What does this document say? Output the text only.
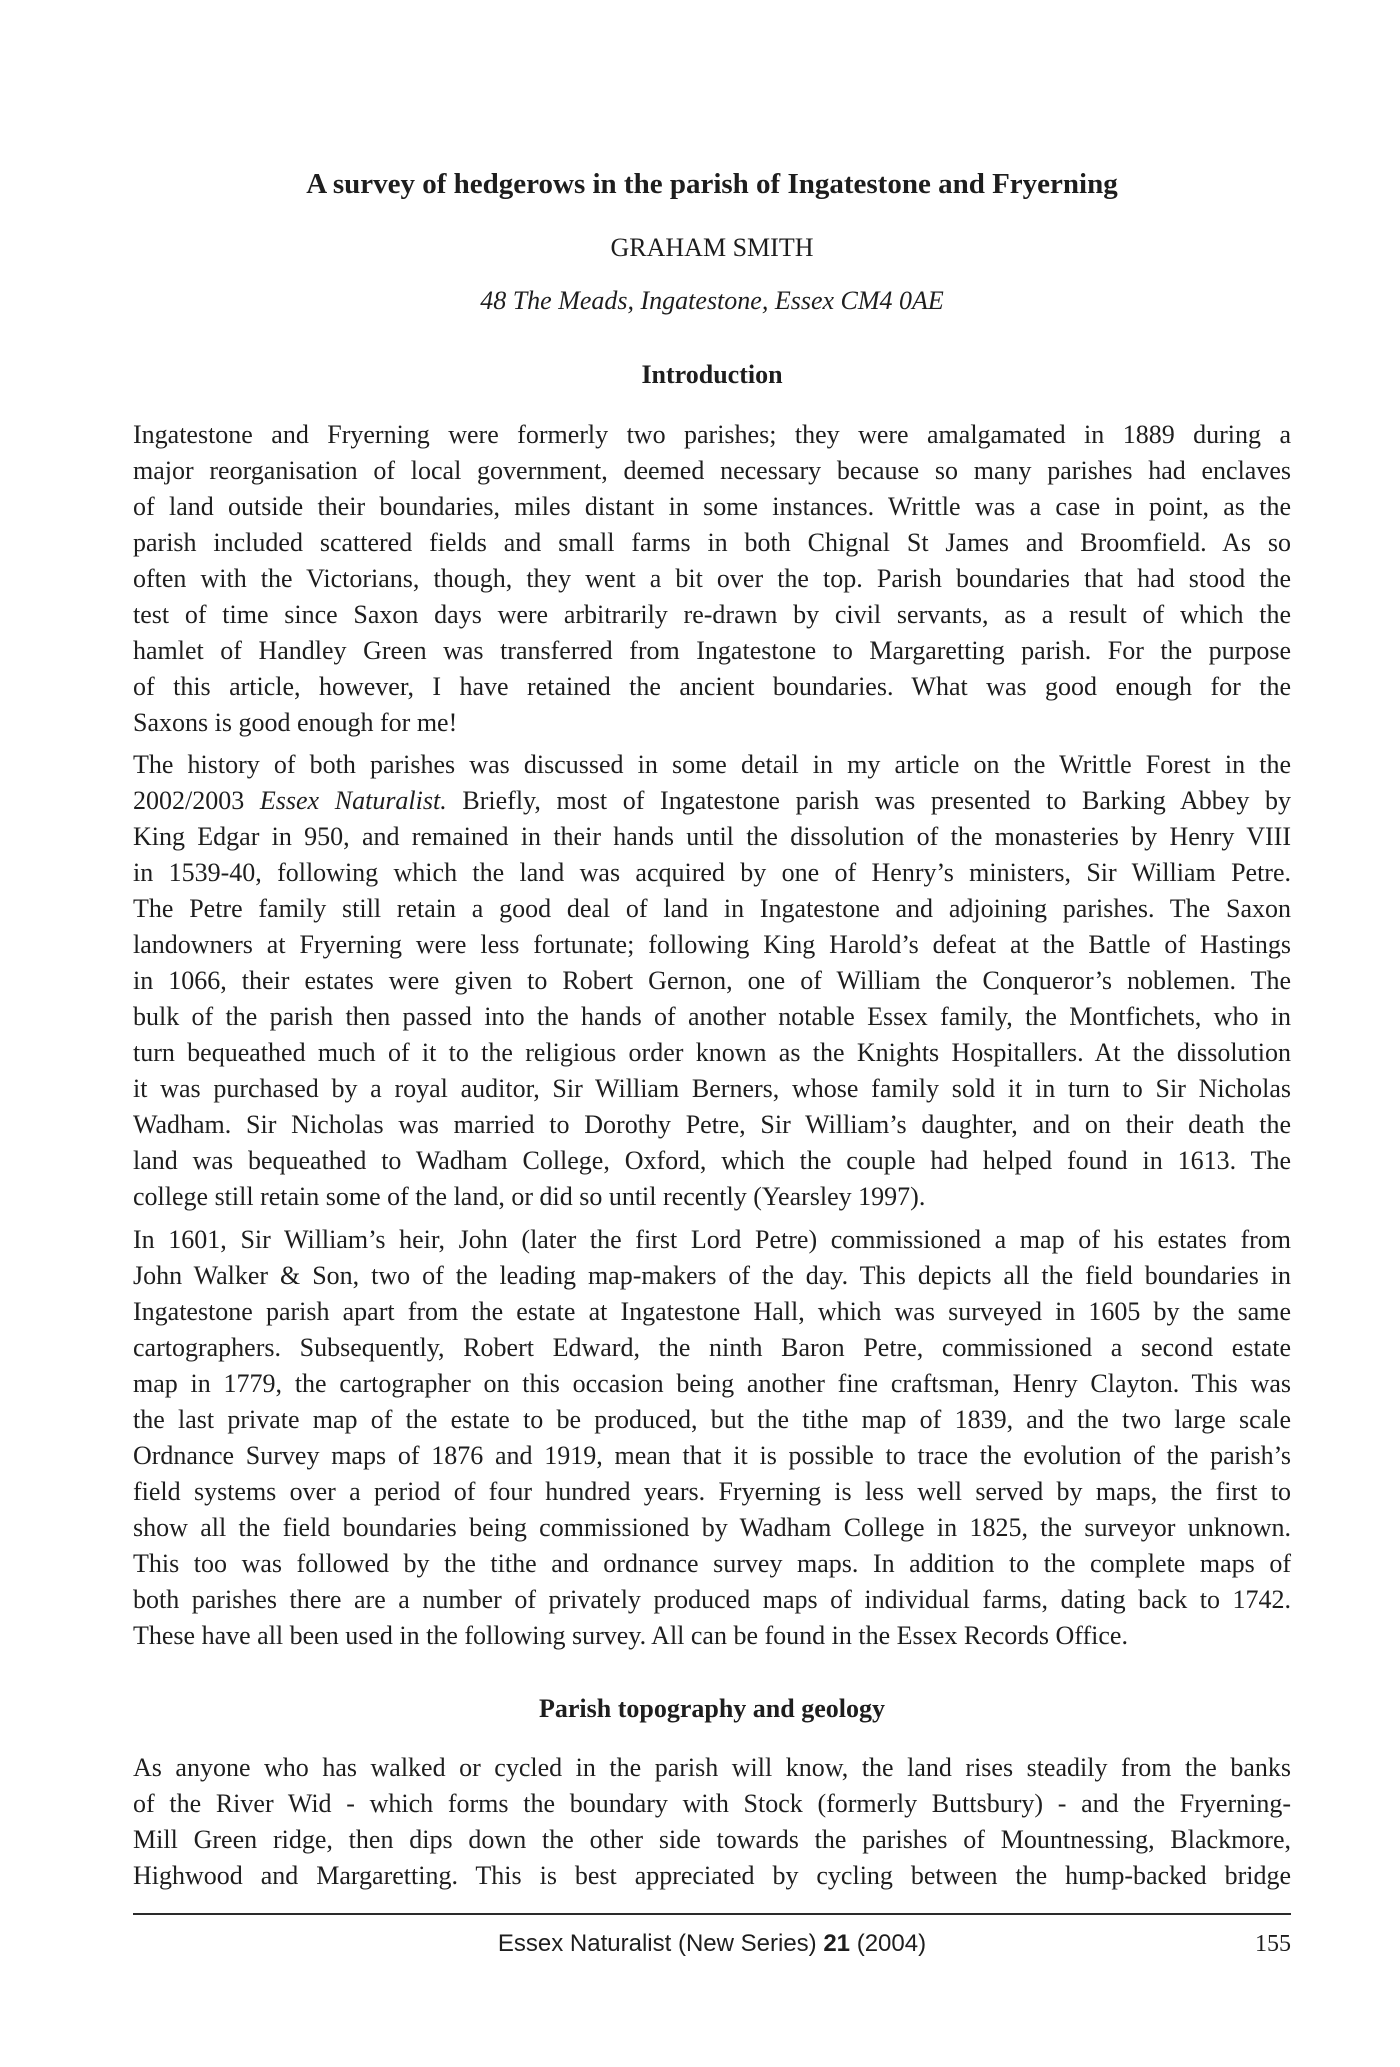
A survey of hedgerows in the parish of Ingatestone and Fryerning
GRAHAM SMITH
48 The Meads, Ingatestone, Essex CM4 0AE
Introduction
Ingatestone and Fryerning were formerly two parishes; they were amalgamated in 1889 during a
major reorganisation of local government, deemed necessary because so many parishes had enclaves
of land outside their boundaries, miles distant in some instances. Writtle was a case in point, as the
parish included scattered fields and small farms in both Chignal St James and Broomfield. As so
often with the Victorians, though, they went a bit over the top. Parish boundaries that had stood the
test of time since Saxon days were arbitrarily re-drawn by civil servants, as a result of which the
hamlet of Handley Green was transferred from Ingatestone to Margaretting parish. For the purpose
of this article, however, I have retained the ancient boundaries. What was good enough for the
Saxons is good enough for me!
The history of both parishes was discussed in some detail in my article on the Writtle Forest in the
2002/2003 Essex Naturalist. Briefly, most of Ingatestone parish was presented to Barking Abbey by
King Edgar in 950, and remained in their hands until the dissolution of the monasteries by Henry VIII
in 1539-40, following which the land was acquired by one of Henry’s ministers, Sir William Petre.
The Petre family still retain a good deal of land in Ingatestone and adjoining parishes. The Saxon
landowners at Fryerning were less fortunate; following King Harold’s defeat at the Battle of Hastings
in 1066, their estates were given to Robert Gernon, one of William the Conqueror’s noblemen. The
bulk of the parish then passed into the hands of another notable Essex family, the Montfichets, who in
turn bequeathed much of it to the religious order known as the Knights Hospitallers. At the dissolution
it was purchased by a royal auditor, Sir William Berners, whose family sold it in turn to Sir Nicholas
Wadham. Sir Nicholas was married to Dorothy Petre, Sir William’s daughter, and on their death the
land was bequeathed to Wadham College, Oxford, which the couple had helped found in 1613. The
college still retain some of the land, or did so until recently (Yearsley 1997).
In 1601, Sir William’s heir, John (later the first Lord Petre) commissioned a map of his estates from
John Walker & Son, two of the leading map-makers of the day. This depicts all the field boundaries in
Ingatestone parish apart from the estate at Ingatestone Hall, which was surveyed in 1605 by the same
cartographers. Subsequently, Robert Edward, the ninth Baron Petre, commissioned a second estate
map in 1779, the cartographer on this occasion being another fine craftsman, Henry Clayton. This was
the last private map of the estate to be produced, but the tithe map of 1839, and the two large scale
Ordnance Survey maps of 1876 and 1919, mean that it is possible to trace the evolution of the parish’s
field systems over a period of four hundred years. Fryerning is less well served by maps, the first to
show all the field boundaries being commissioned by Wadham College in 1825, the surveyor unknown.
This too was followed by the tithe and ordnance survey maps. In addition to the complete maps of
both parishes there are a number of privately produced maps of individual farms, dating back to 1742.
These have all been used in the following survey. All can be found in the Essex Records Office.
Parish topography and geology
As anyone who has walked or cycled in the parish will know, the land rises steadily from the banks
of the River Wid - which forms the boundary with Stock (formerly Buttsbury) - and the Fryerning-
Mill Green ridge, then dips down the other side towards the parishes of Mountnessing, Blackmore,
Highwood and Margaretting. This is best appreciated by cycling between the hump-backed bridge
Essex Naturalist (New Series) 21 (2004)	155
